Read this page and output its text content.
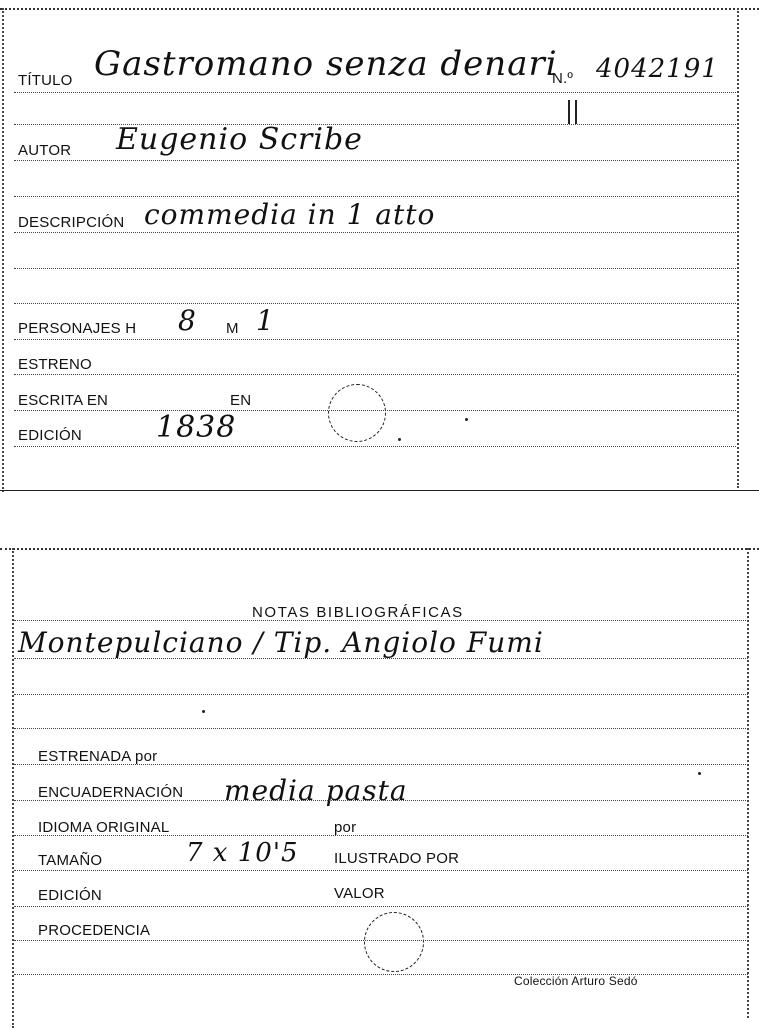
TÍTULO Gastromano senza denari
N.º 4042191
AUTOR Eugenio Scribe
DESCRIPCIÓN commedia in 1 atto
PERSONAJES H 8 M 1
ESTRENO
ESCRITA EN	EN
EDICIÓN 1838
NOTAS BIBLIOGRÁFICAS
Montepulciano / Tip. Angiolo Fumi
ESTRENADA por
ENCUADERNACIÓN media pasta
IDIOMA ORIGINAL	por
TAMAÑO	7 x 10'5 ILUSTRADO POR
EDICIÓN	VALOR
PROCEDENCIA
Colección Arturo Sedó
